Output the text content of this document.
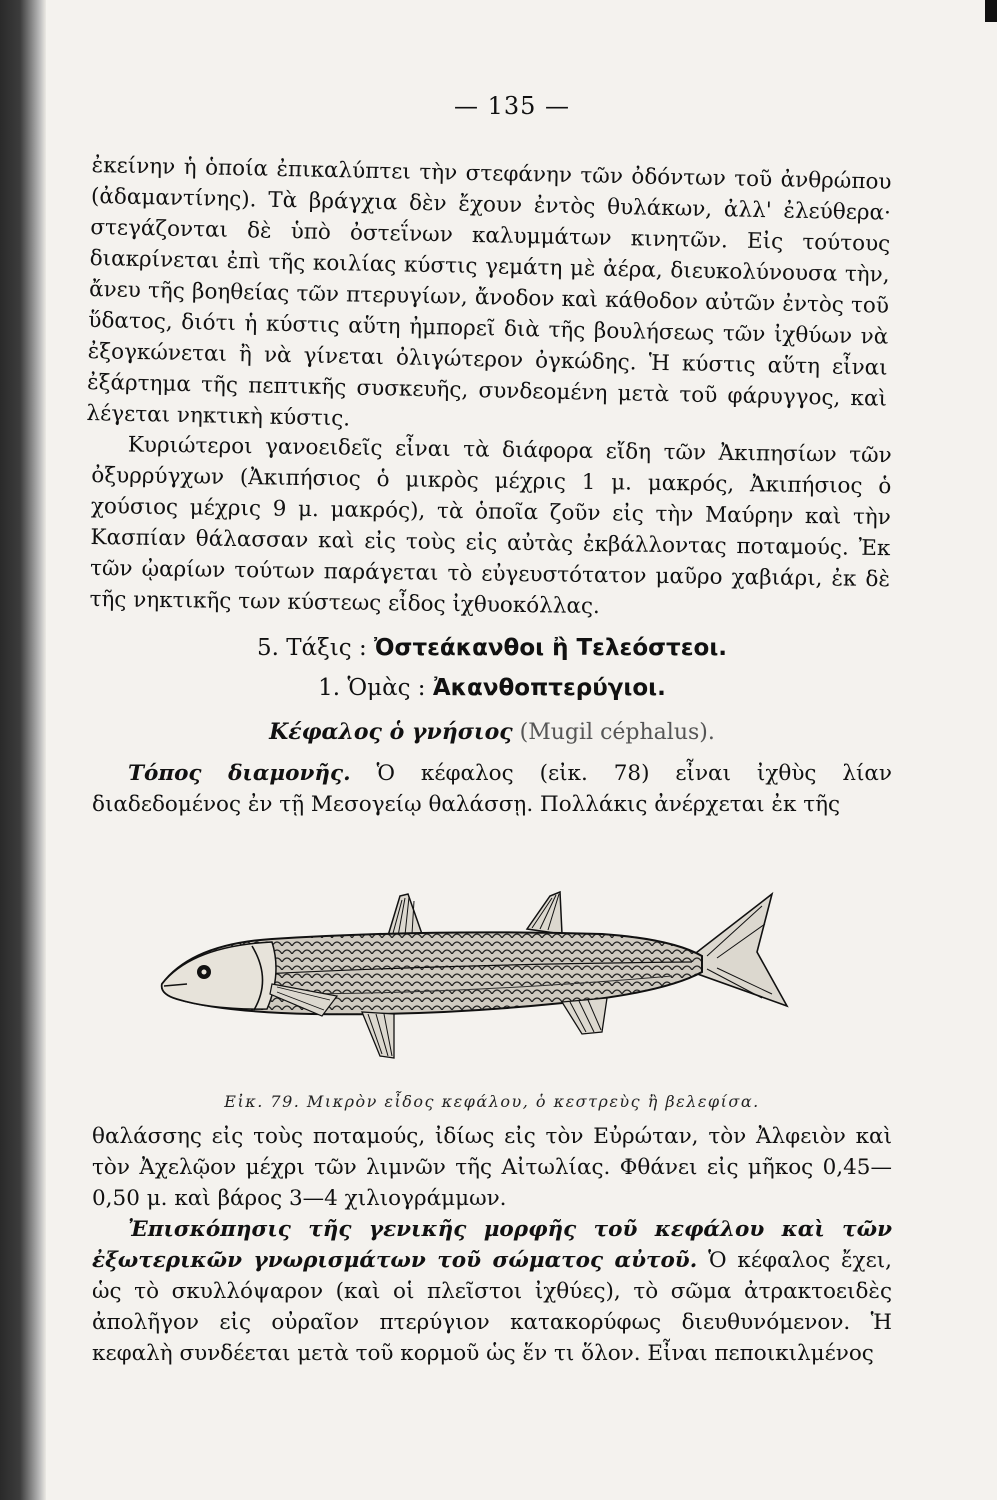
— 135 —

ἐκείνην ἡ ὁποία ἐπικαλύπτει τὴν στεφάνην τῶν ὀδόντων τοῦ ἀνθρώπου (ἀδαμαντίνης). Τὰ βράγχια δὲν ἔχουν ἐντὸς θυλάκων, ἀλλ' ἐλεύθερα· στεγάζονται δὲ ὑπὸ ὀστεΐνων καλυμμάτων κινητῶν. Εἰς τούτους διακρίνεται ἐπὶ τῆς κοιλίας κύστις γεμάτη μὲ ἀέρα, διευκολύνουσα τὴν, ἄνευ τῆς βοηθείας τῶν πτερυγίων, ἄνοδον καὶ κάθοδον αὐτῶν ἐντὸς τοῦ ὕδατος, διότι ἡ κύστις αὕτη ἠμπορεῖ διὰ τῆς βουλήσεως τῶν ἰχθύων νὰ ἐξογκώνεται ἢ νὰ γίνεται ὀλιγώτερον ὀγκώδης. Ἡ κύστις αὕτη εἶναι ἐξάρτημα τῆς πεπτικῆς συσκευῆς, συνδεομένη μετὰ τοῦ φάρυγγος, καὶ λέγεται νηκτικὴ κύστις.

Κυριώτεροι γανοειδεῖς εἶναι τὰ διάφορα εἴδη τῶν Ἀκιπησίων τῶν ὀξυρρύγχων (Ἀκιπήσιος ὁ μικρὸς μέχρις 1 μ. μακρός, Ἀκιπήσιος ὁ χούσιος μέχρις 9 μ. μακρός), τὰ ὁποῖα ζοῦν εἰς τὴν Μαύρην καὶ τὴν Κασπίαν θάλασσαν καὶ εἰς τοὺς εἰς αὐτὰς ἐκβάλλοντας ποταμούς. Ἐκ τῶν ᾠαρίων τούτων παράγεται τὸ εὐγευστότατον μαῦρο χαβιάρι, ἐκ δὲ τῆς νηκτικῆς των κύστεως εἶδος ἰχθυοκόλλας.

5. Τάξις : Ὀστεάκανθοι ἢ Τελεόστεοι.
1. Ὁμὰς : Ἀκανθοπτερύγιοι.
Κέφαλος ὁ γνήσιος (Mugil céphalus).

Τόπος διαμονῆς. Ὁ κέφαλος (εἰκ. 78) εἶναι ἰχθὺς λίαν διαδεδομένος ἐν τῇ Μεσογείῳ θαλάσσῃ. Πολλάκις ἀνέρχεται ἐκ τῆς

Εἰκ. 79. Μικρὸν εἶδος κεφάλου, ὁ κεστρεὺς ἢ βελεφίσα.

θαλάσσης εἰς τοὺς ποταμούς, ἰδίως εἰς τὸν Εὐρώταν, τὸν Ἀλφειὸν καὶ τὸν Ἀχελῷον μέχρι τῶν λιμνῶν τῆς Αἰτωλίας. Φθάνει εἰς μῆκος 0,45—0,50 μ. καὶ βάρος 3—4 χιλιογράμμων.

Ἐπισκόπησις τῆς γενικῆς μορφῆς τοῦ κεφάλου καὶ τῶν ἐξωτερικῶν γνωρισμάτων τοῦ σώματος αὐτοῦ. Ὁ κέφαλος ἔχει, ὡς τὸ σκυλλόψαρον (καὶ οἱ πλεῖστοι ἰχθύες), τὸ σῶμα ἀτρακτοειδὲς ἀπολῆγον εἰς οὐραῖον πτερύγιον κατακορύφως διευθυνόμενον. Ἡ κεφαλὴ συνδέεται μετὰ τοῦ κορμοῦ ὡς ἕν τι ὅλον. Εἶναι πεποικιλμένος
